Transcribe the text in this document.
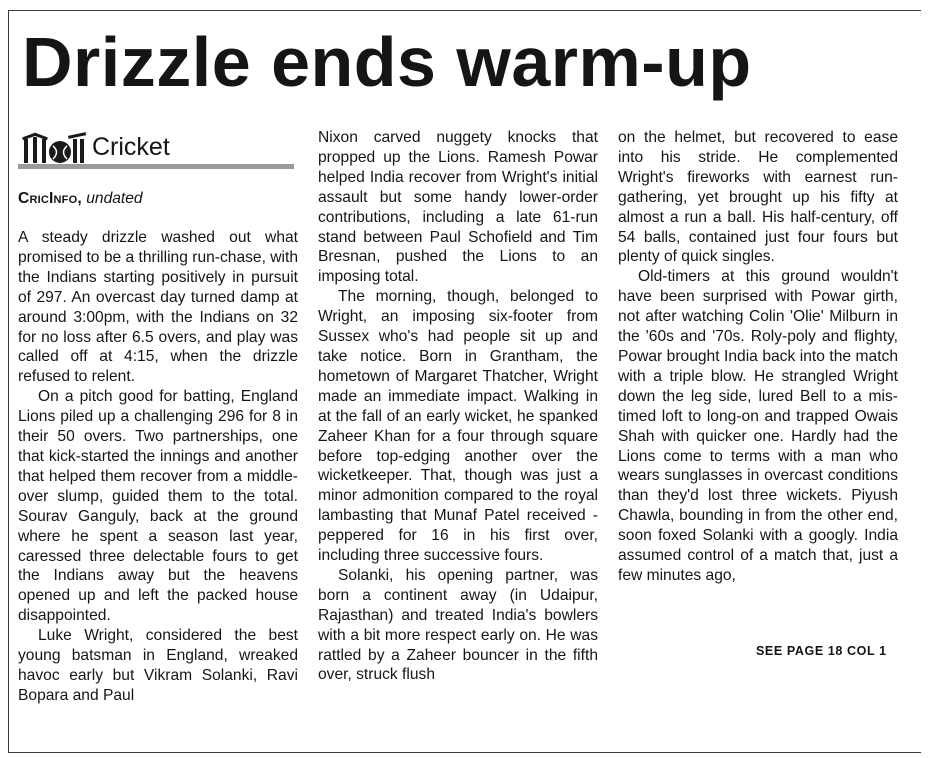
Drizzle ends warm-up
Cricket
CricInfo, undated

A steady drizzle washed out what promised to be a thrilling run-chase, with the Indians starting positively in pursuit of 297. An overcast day turned damp at around 3:00pm, with the Indians on 32 for no loss after 6.5 overs, and play was called off at 4:15, when the drizzle refused to relent.

On a pitch good for batting, England Lions piled up a challenging 296 for 8 in their 50 overs. Two partnerships, one that kick-started the innings and another that helped them recover from a middle-over slump, guided them to the total. Sourav Ganguly, back at the ground where he spent a season last year, caressed three delectable fours to get the Indians away but the heavens opened up and left the packed house disappointed.

Luke Wright, considered the best young batsman in England, wreaked havoc early but Vikram Solanki, Ravi Bopara and Paul

Nixon carved nuggety knocks that propped up the Lions. Ramesh Powar helped India recover from Wright's initial assault but some handy lower-order contributions, including a late 61-run stand between Paul Schofield and Tim Bresnan, pushed the Lions to an imposing total.

The morning, though, belonged to Wright, an imposing six-footer from Sussex who's had people sit up and take notice. Born in Grantham, the hometown of Margaret Thatcher, Wright made an immediate impact. Walking in at the fall of an early wicket, he spanked Zaheer Khan for a four through square before top-edging another over the wicketkeeper. That, though was just a minor admonition compared to the royal lambasting that Munaf Patel received - peppered for 16 in his first over, including three successive fours.

Solanki, his opening partner, was born a continent away (in Udaipur, Rajasthan) and treated India's bowlers with a bit more respect early on. He was rattled by a Zaheer bouncer in the fifth over, struck flush

on the helmet, but recovered to ease into his stride. He complemented Wright's fireworks with earnest run-gathering, yet brought up his fifty at almost a run a ball. His half-century, off 54 balls, contained just four fours but plenty of quick singles.

Old-timers at this ground wouldn't have been surprised with Powar girth, not after watching Colin 'Olie' Milburn in the '60s and '70s. Roly-poly and flighty, Powar brought India back into the match with a triple blow. He strangled Wright down the leg side, lured Bell to a mis-timed loft to long-on and trapped Owais Shah with quicker one. Hardly had the Lions come to terms with a man who wears sunglasses in overcast conditions than they'd lost three wickets. Piyush Chawla, bounding in from the other end, soon foxed Solanki with a googly. India assumed control of a match that, just a few minutes ago,

SEE PAGE 18 COL 1
